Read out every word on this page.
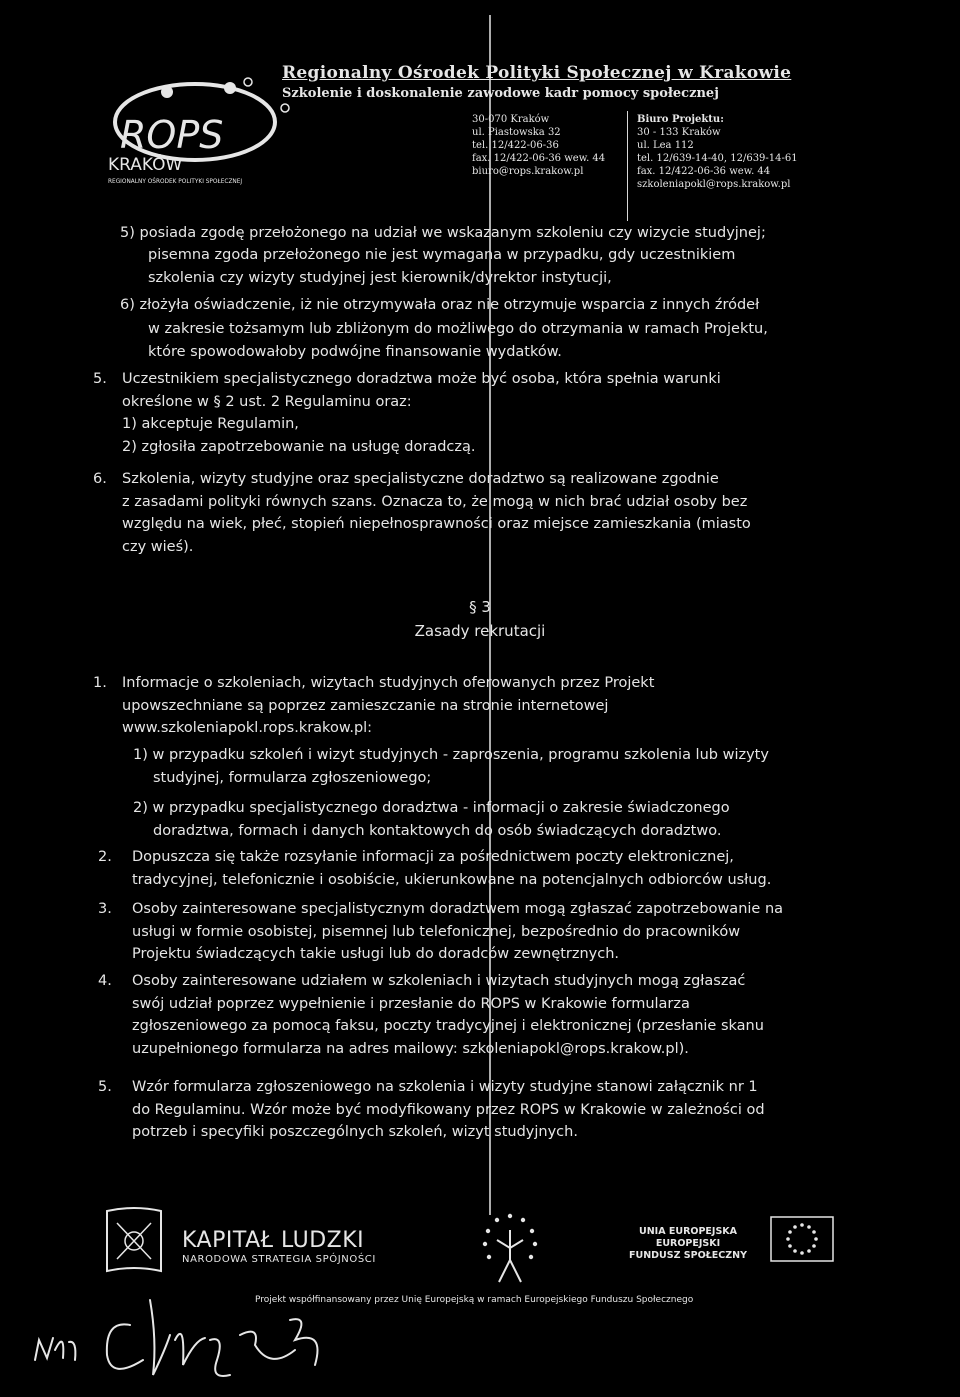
ROPS
KRAKÓW
REGIONALNY OŚRODEK POLITYKI SPOŁECZNEJ
Regionalny Ośrodek Polityki Społecznej w Krakowie
Szkolenie i doskonalenie zawodowe kadr pomocy społecznej
30-070 Kraków
ul. Piastowska 32
tel. 12/422-06-36
fax. 12/422-06-36 wew. 44
biuro@rops.krakow.pl
Biuro Projektu:
30 - 133 Kraków
ul. Lea 112
tel. 12/639-14-40, 12/639-14-61
fax. 12/422-06-36 wew. 44
szkoleniapokl@rops.krakow.pl
5) posiada zgodę przełożonego na udział we wskazanym szkoleniu czy wizycie studyjnej;
pisemna zgoda przełożonego nie jest wymagana w przypadku, gdy uczestnikiem
szkolenia czy wizyty studyjnej jest kierownik/dyrektor instytucji,
6) złożyła oświadczenie, iż nie otrzymywała oraz nie otrzymuje wsparcia z innych źródeł
w zakresie tożsamym lub zbliżonym do możliwego do otrzymania w ramach Projektu,
które spowodowałoby podwójne finansowanie wydatków.
5. Uczestnikiem specjalistycznego doradztwa może być osoba, która spełnia warunki
określone w § 2 ust. 2 Regulaminu oraz:
1) akceptuje Regulamin,
2) zgłosiła zapotrzebowanie na usługę doradczą.
6. Szkolenia, wizyty studyjne oraz specjalistyczne doradztwo są realizowane zgodnie
z zasadami polityki równych szans. Oznacza to, że mogą w nich brać udział osoby bez
względu na wiek, płeć, stopień niepełnosprawności oraz miejsce zamieszkania (miasto
czy wieś).
§ 3
Zasady rekrutacji
1. Informacje o szkoleniach, wizytach studyjnych oferowanych przez Projekt
upowszechniane są poprzez zamieszczanie na stronie internetowej
www.szkoleniapokl.rops.krakow.pl:
1) w przypadku szkoleń i wizyt studyjnych - zaproszenia, programu szkolenia lub wizyty
studyjnej, formularza zgłoszeniowego;
2) w przypadku specjalistycznego doradztwa - informacji o zakresie świadczonego
doradztwa, formach i danych kontaktowych do osób świadczących doradztwo.
2. Dopuszcza się także rozsyłanie informacji za pośrednictwem poczty elektronicznej,
tradycyjnej, telefonicznie i osobiście, ukierunkowane na potencjalnych odbiorców usług.
3. Osoby zainteresowane specjalistycznym doradztwem mogą zgłaszać zapotrzebowanie na
usługi w formie osobistej, pisemnej lub telefonicznej, bezpośrednio do pracowników
Projektu świadczących takie usługi lub do doradców zewnętrznych.
4. Osoby zainteresowane udziałem w szkoleniach i wizytach studyjnych mogą zgłaszać
swój udział poprzez wypełnienie i przesłanie do ROPS w Krakowie formularza
zgłoszeniowego za pomocą faksu, poczty tradycyjnej i elektronicznej (przesłanie skanu
uzupełnionego formularza na adres mailowy: szkoleniapokl@rops.krakow.pl).
5. Wzór formularza zgłoszeniowego na szkolenia i wizyty studyjne stanowi załącznik nr 1
do Regulaminu. Wzór może być modyfikowany przez ROPS w Krakowie w zależności od
potrzeb i specyfiki poszczególnych szkoleń, wizyt studyjnych.
KAPITAŁ LUDZKI
NARODOWA STRATEGIA SPÓJNOŚCI
UNIA EUROPEJSKA
EUROPEJSKI
FUNDUSZ SPOŁECZNY
Projekt współfinansowany przez Unię Europejską w ramach Europejskiego Funduszu Społecznego
